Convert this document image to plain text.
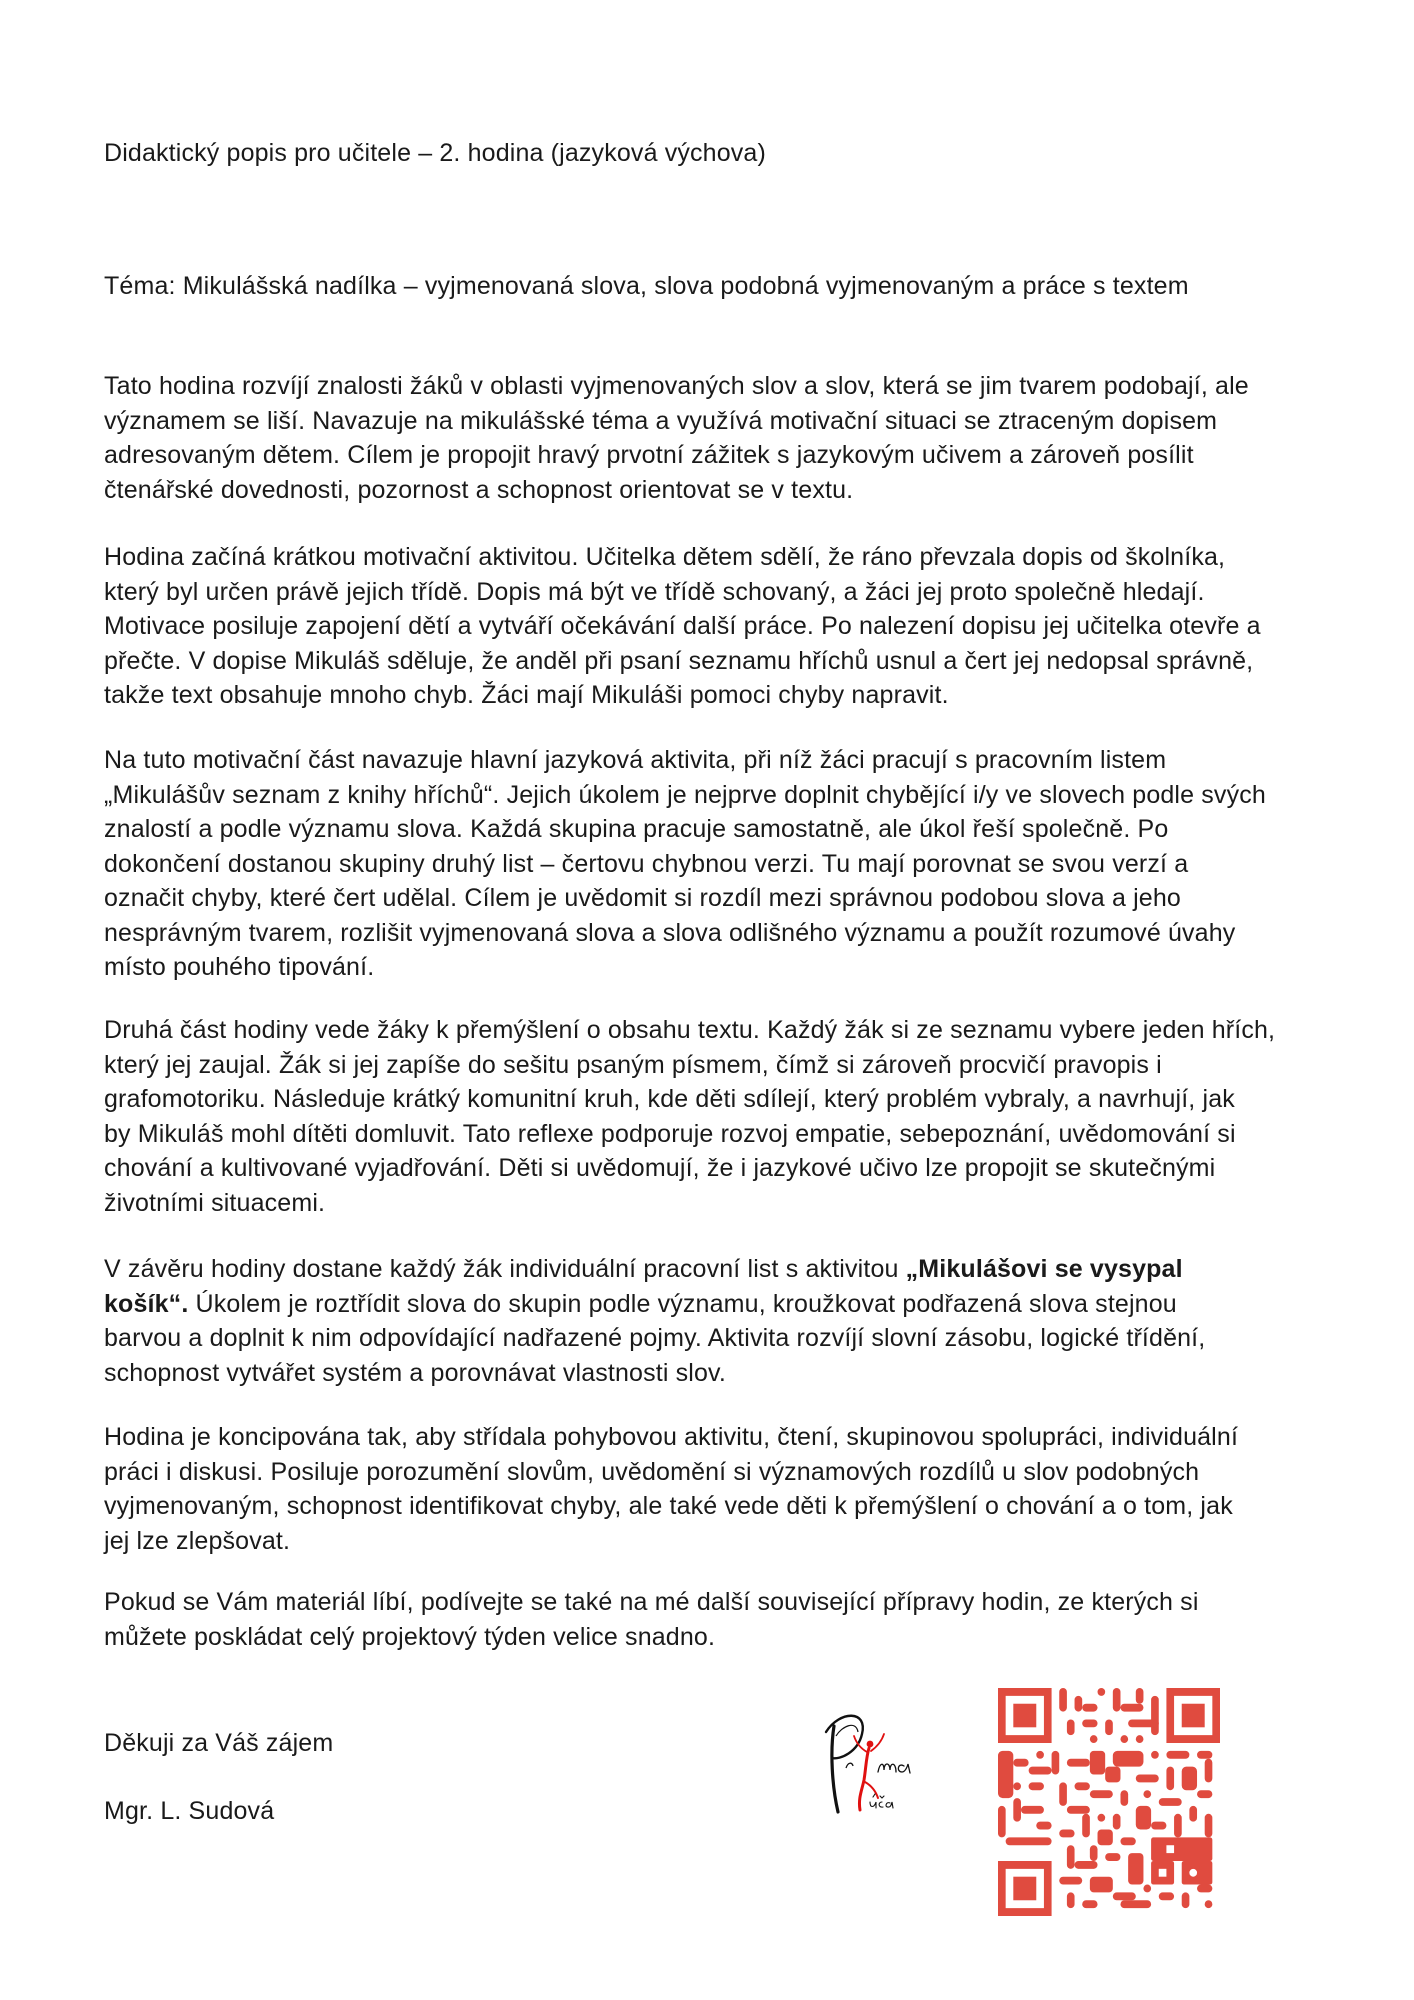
Didaktický popis pro učitele – 2. hodina (jazyková výchova)
Téma: Mikulášská nadílka – vyjmenovaná slova, slova podobná vyjmenovaným a práce s textem
Tato hodina rozvíjí znalosti žáků v oblasti vyjmenovaných slov a slov, která se jim tvarem podobají, ale
významem se liší. Navazuje na mikulášské téma a využívá motivační situaci se ztraceným dopisem
adresovaným dětem. Cílem je propojit hravý prvotní zážitek s jazykovým učivem a zároveň posílit
čtenářské dovednosti, pozornost a schopnost orientovat se v textu.
Hodina začíná krátkou motivační aktivitou. Učitelka dětem sdělí, že ráno převzala dopis od školníka,
který byl určen právě jejich třídě. Dopis má být ve třídě schovaný, a žáci jej proto společně hledají.
Motivace posiluje zapojení dětí a vytváří očekávání další práce. Po nalezení dopisu jej učitelka otevře a
přečte. V dopise Mikuláš sděluje, že anděl při psaní seznamu hříchů usnul a čert jej nedopsal správně,
takže text obsahuje mnoho chyb. Žáci mají Mikuláši pomoci chyby napravit.
Na tuto motivační část navazuje hlavní jazyková aktivita, při níž žáci pracují s pracovním listem
„Mikulášův seznam z knihy hříchů“. Jejich úkolem je nejprve doplnit chybějící i/y ve slovech podle svých
znalostí a podle významu slova. Každá skupina pracuje samostatně, ale úkol řeší společně. Po
dokončení dostanou skupiny druhý list – čertovu chybnou verzi. Tu mají porovnat se svou verzí a
označit chyby, které čert udělal. Cílem je uvědomit si rozdíl mezi správnou podobou slova a jeho
nesprávným tvarem, rozlišit vyjmenovaná slova a slova odlišného významu a použít rozumové úvahy
místo pouhého tipování.
Druhá část hodiny vede žáky k přemýšlení o obsahu textu. Každý žák si ze seznamu vybere jeden hřích,
který jej zaujal. Žák si jej zapíše do sešitu psaným písmem, čímž si zároveň procvičí pravopis i
grafomotoriku. Následuje krátký komunitní kruh, kde děti sdílejí, který problém vybraly, a navrhují, jak
by Mikuláš mohl dítěti domluvit. Tato reflexe podporuje rozvoj empatie, sebepoznání, uvědomování si
chování a kultivované vyjadřování. Děti si uvědomují, že i jazykové učivo lze propojit se skutečnými
životními situacemi.
V závěru hodiny dostane každý žák individuální pracovní list s aktivitou „Mikulášovi se vysypal
košík“. Úkolem je roztřídit slova do skupin podle významu, kroužkovat podřazená slova stejnou
barvou a doplnit k nim odpovídající nadřazené pojmy. Aktivita rozvíjí slovní zásobu, logické třídění,
schopnost vytvářet systém a porovnávat vlastnosti slov.
Hodina je koncipována tak, aby střídala pohybovou aktivitu, čtení, skupinovou spolupráci, individuální
práci i diskusi. Posiluje porozumění slovům, uvědomění si významových rozdílů u slov podobných
vyjmenovaným, schopnost identifikovat chyby, ale také vede děti k přemýšlení o chování a o tom, jak
jej lze zlepšovat.
Pokud se Vám materiál líbí, podívejte se také na mé další související přípravy hodin, ze kterých si
můžete poskládat celý projektový týden velice snadno.
Děkuji za Váš zájem
Mgr. L. Sudová
